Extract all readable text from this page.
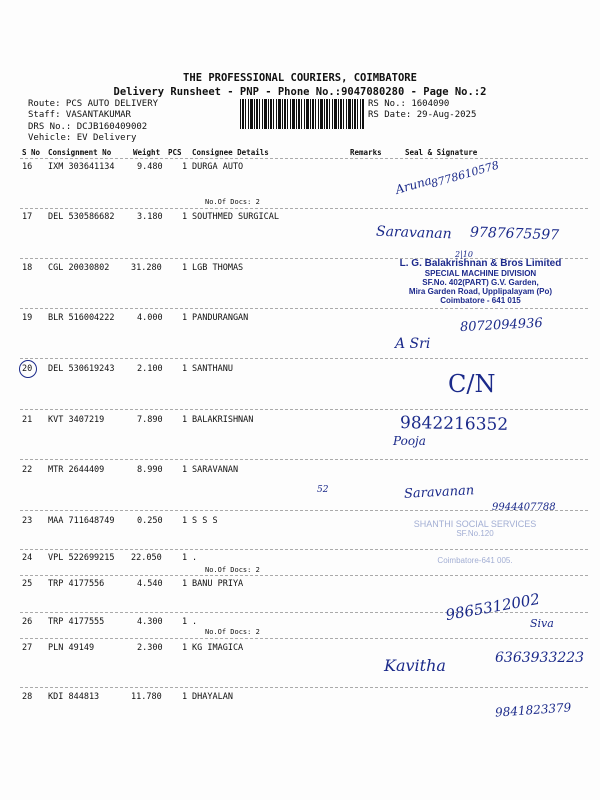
THE PROFESSIONAL COURIERS, COIMBATORE
Delivery Runsheet - PNP - Phone No.:9047080280 - Page No.:2
Route: PCS AUTO DELIVERY
Staff: VASANTAKUMAR
DRS No.: DCJB160409002
Vehicle: EV Delivery
RS No.: 1604090
RS Date: 29-Aug-2025
S No Consignment No	Weight PCS Consignee Details	Remarks	Seal & Signature
16 IXM 303641134	9.480 1 DURGA AUTO
No.Of Docs: 2
17 DEL 530586682	3.180 1 SOUTHMED SURGICAL
18 CGL 20030802	31.280 1 LGB THOMAS
19 BLR 516004222	4.000 1 PANDURANGAN
20 DEL 530619243	2.100 1 SANTHANU
21 KVT 3407219	7.890 1 BALAKRISHNAN
22 MTR 2644409	8.990 1 SARAVANAN
23 MAA 711648749	0.250 1 S S S
24 VPL 522699215 22.050 1 .
No.Of Docs: 2
25 TRP 4177556	4.540 1 BANU PRIYA
26 TRP 4177555	4.300 1 .
No.Of Docs: 2
27 PLN 49149	2.300 1 KG IMAGICA
28 KDI 844813	11.780 1 DHAYALAN
L. G. Balakrishnan & Bros Limited
SPECIAL MACHINE DIVISION
SF.No. 402(PART) G.V. Garden,
Mira Garden Road, Upplipalayam (Po)
Coimbatore - 641 015
SHANTHI SOCIAL SERVICES
SF.No.120
Coimbatore-641 005.
Aruna
8778610578
Saravanan 9787675597
2|10
8072094936
A Sri
C/N
9842216352
Pooja
52	Saravanan
9944407788
9865312002
Siva
Kavitha	6363933223
9841823379
